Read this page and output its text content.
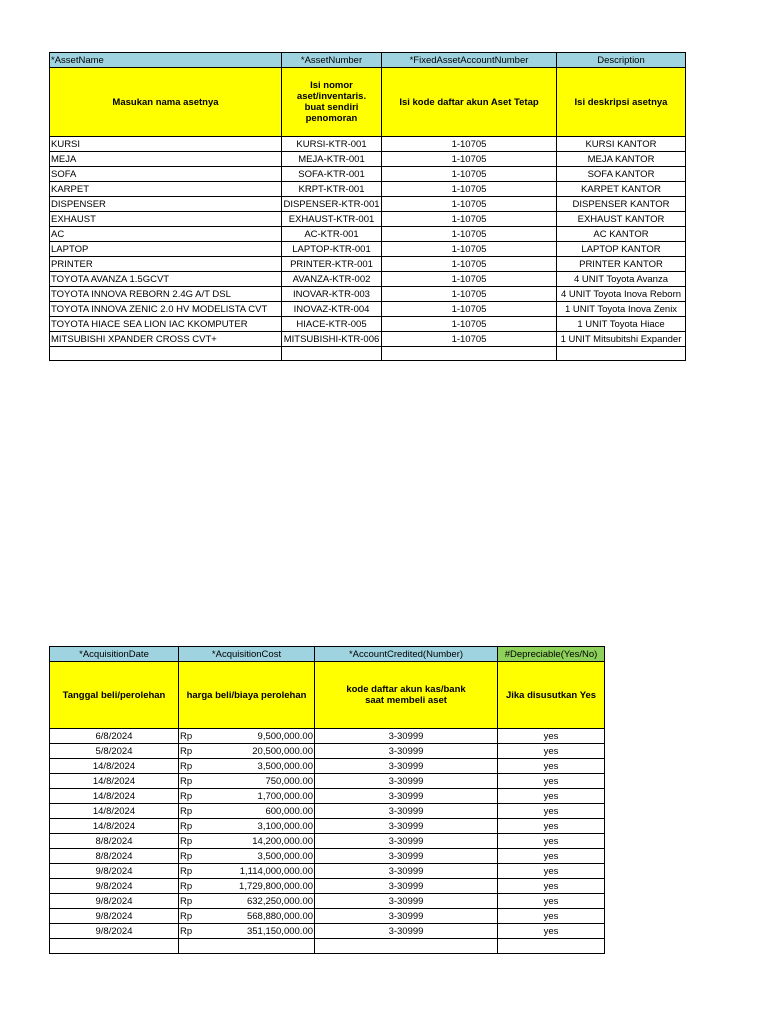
*AssetName	*AssetNumber	*FixedAssetAccountNumber	Description
Masukan nama asetnya	Isi nomor aset/inventaris. buat sendiri penomoran	Isi kode daftar akun Aset Tetap	Isi deskripsi asetnya
KURSI	KURSI-KTR-001	1-10705	KURSI KANTOR
MEJA	MEJA-KTR-001	1-10705	MEJA KANTOR
SOFA	SOFA-KTR-001	1-10705	SOFA KANTOR
KARPET	KRPT-KTR-001	1-10705	KARPET KANTOR
DISPENSER	DISPENSER-KTR-001	1-10705	DISPENSER KANTOR
EXHAUST	EXHAUST-KTR-001	1-10705	EXHAUST KANTOR
AC	AC-KTR-001	1-10705	AC KANTOR
LAPTOP	LAPTOP-KTR-001	1-10705	LAPTOP KANTOR
PRINTER	PRINTER-KTR-001	1-10705	PRINTER KANTOR
TOYOTA AVANZA 1.5GCVT	AVANZA-KTR-002	1-10705	4 UNIT Toyota Avanza
TOYOTA INNOVA REBORN 2.4G A/T DSL	INOVAR-KTR-003	1-10705	4 UNIT Toyota Inova Reborn
TOYOTA INNOVA ZENIC 2.0 HV MODELISTA CVT	INOVAZ-KTR-004	1-10705	1 UNIT Toyota Inova Zenix
TOYOTA HIACE SEA LION IAC KKOMPUTER	HIACE-KTR-005	1-10705	1 UNIT Toyota Hiace
MITSUBISHI XPANDER CROSS CVT+	MITSUBISHI-KTR-006	1-10705	1 UNIT Mitsubitshi Expander

*AcquisitionDate	*AcquisitionCost		*AccountCredited(Number)	#Depreciable(Yes/No)
Tanggal beli/perolehan	harga beli/biaya perolehan		kode daftar akun kas/bank saat membeli aset	Jika disusutkan Yes
6/8/2024	Rp	9,500,000.00	3-30999	yes
5/8/2024	Rp	20,500,000.00	3-30999	yes
14/8/2024	Rp	3,500,000.00	3-30999	yes
14/8/2024	Rp	750,000.00	3-30999	yes
14/8/2024	Rp	1,700,000.00	3-30999	yes
14/8/2024	Rp	600,000.00	3-30999	yes
14/8/2024	Rp	3,100,000.00	3-30999	yes
8/8/2024	Rp	14,200,000.00	3-30999	yes
8/8/2024	Rp	3,500,000.00	3-30999	yes
9/8/2024	Rp	1,114,000,000.00	3-30999	yes
9/8/2024	Rp	1,729,800,000.00	3-30999	yes
9/8/2024	Rp	632,250,000.00	3-30999	yes
9/8/2024	Rp	568,880,000.00	3-30999	yes
9/8/2024	Rp	351,150,000.00	3-30999	yes
